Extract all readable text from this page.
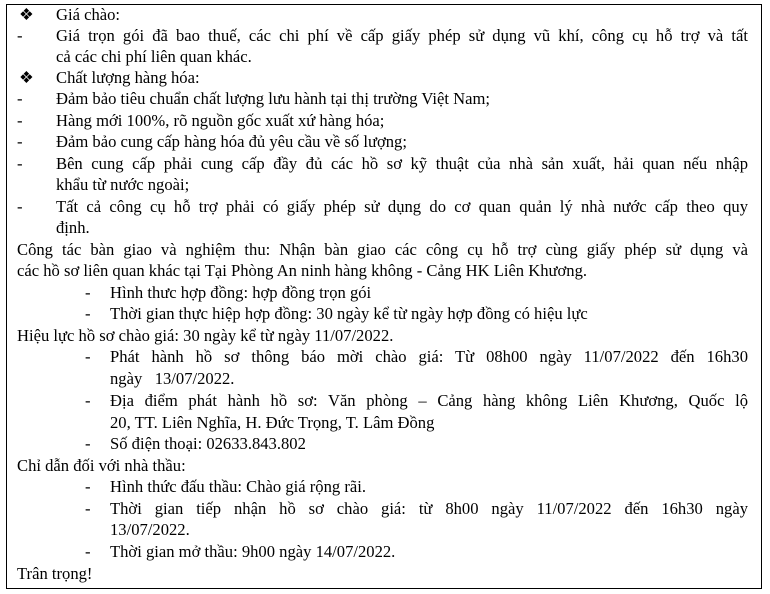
❖ Giá chào:
- Giá trọn gói đã bao thuế, các chi phí về cấp giấy phép sử dụng vũ khí, công cụ hỗ trợ và tất
cả các chi phí liên quan khác.
❖ Chất lượng hàng hóa:
- Đảm bảo tiêu chuẩn chất lượng lưu hành tại thị trường Việt Nam;
- Hàng mới 100%, rõ nguồn gốc xuất xứ hàng hóa;
- Đảm bảo cung cấp hàng hóa đủ yêu cầu về số lượng;
- Bên cung cấp phải cung cấp đầy đủ các hồ sơ kỹ thuật của nhà sản xuất, hải quan nếu nhập
khẩu từ nước ngoài;
- Tất cả công cụ hỗ trợ phải có giấy phép sử dụng do cơ quan quản lý nhà nước cấp theo quy
định.
Công tác bàn giao và nghiệm thu: Nhận bàn giao các công cụ hỗ trợ cùng giấy phép sử dụng và
các hồ sơ liên quan khác tại Tại Phòng An ninh hàng không - Cảng HK Liên Khương.
- Hình thưc hợp đồng: hợp đồng trọn gói
- Thời gian thực hiệp hợp đồng: 30 ngày kể từ ngày hợp đồng có hiệu lực
Hiệu lực hồ sơ chào giá: 30 ngày kể từ ngày 11/07/2022.
- Phát hành hồ sơ thông báo mời chào giá: Từ 08h00 ngày 11/07/2022 đến 16h30
ngày   13/07/2022.
- Địa điểm phát hành hồ sơ: Văn phòng – Cảng hàng không Liên Khương, Quốc lộ
20, TT. Liên Nghĩa, H. Đức Trọng, T. Lâm Đồng
- Số điện thoại: 02633.843.802
Chỉ dẫn đối với nhà thầu:
- Hình thức đấu thầu: Chào giá rộng rãi.
- Thời gian tiếp nhận hồ sơ chào giá: từ 8h00 ngày 11/07/2022 đến 16h30 ngày
13/07/2022.
- Thời gian mở thầu: 9h00 ngày 14/07/2022.
Trân trọng!
